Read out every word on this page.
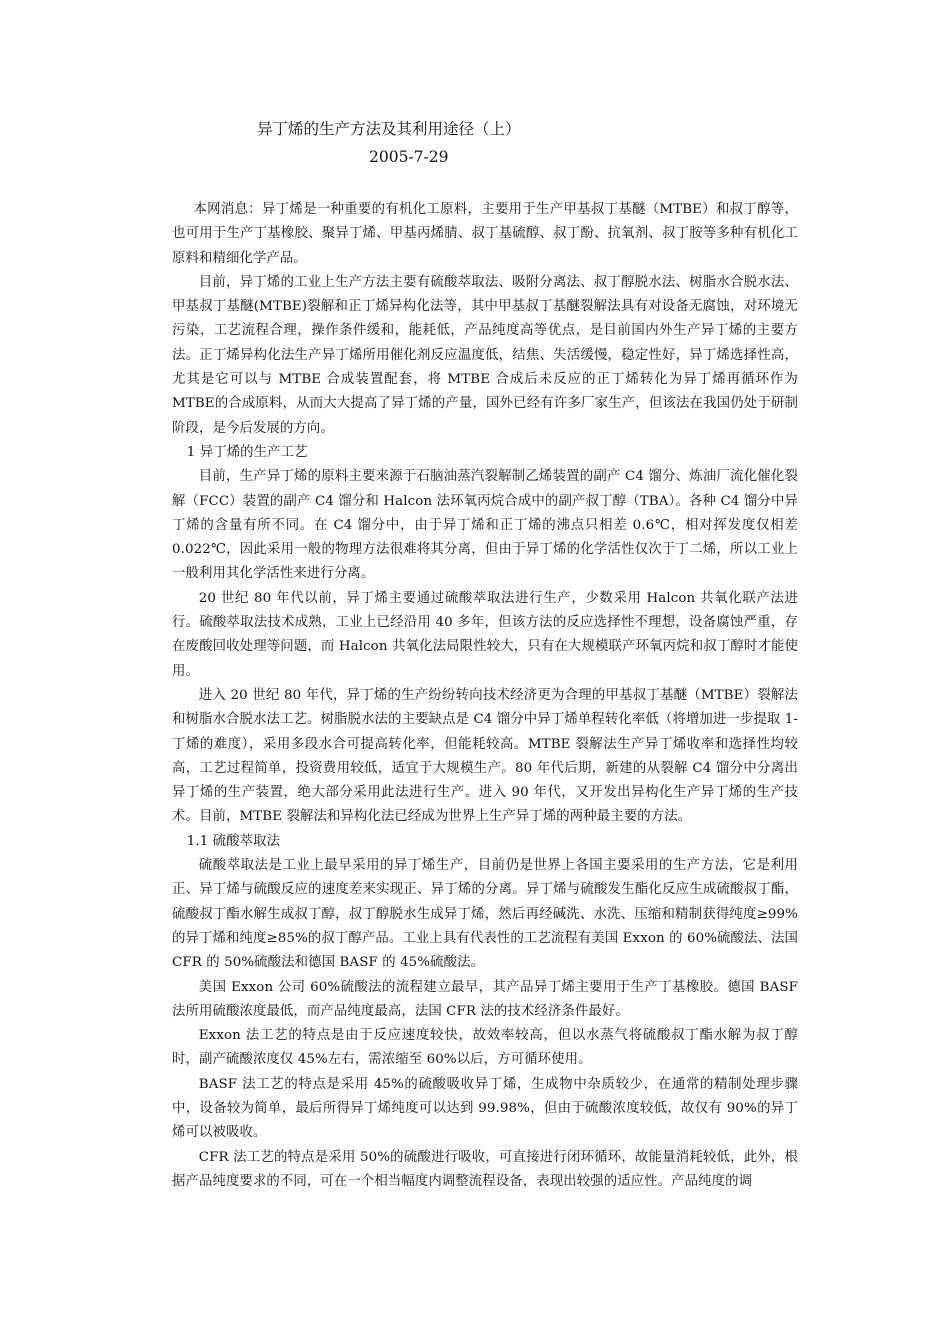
异丁烯的生产方法及其利用途径（上）
2005-7-29

本网消息：异丁烯是一种重要的有机化工原料，主要用于生产甲基叔丁基醚（MTBE）和叔丁醇等，也可用于生产丁基橡胶、聚异丁烯、甲基丙烯腈、叔丁基硫醇、叔丁酚、抗氧剂、叔丁胺等多种有机化工原料和精细化学产品。

目前，异丁烯的工业上生产方法主要有硫酸萃取法、吸附分离法、叔丁醇脱水法、树脂水合脱水法、甲基叔丁基醚(MTBE)裂解和正丁烯异构化法等，其中甲基叔丁基醚裂解法具有对设备无腐蚀，对环境无污染，工艺流程合理，操作条件缓和，能耗低，产品纯度高等优点，是目前国内外生产异丁烯的主要方法。正丁烯异构化法生产异丁烯所用催化剂反应温度低，结焦、失活缓慢，稳定性好，异丁烯选择性高，尤其是它可以与 MTBE 合成装置配套，将 MTBE 合成后未反应的正丁烯转化为异丁烯再循环作为MTBE的合成原料，从而大大提高了异丁烯的产量，国外已经有许多厂家生产，但该法在我国仍处于研制阶段，是今后发展的方向。

1 异丁烯的生产工艺

目前，生产异丁烯的原料主要来源于石脑油蒸汽裂解制乙烯装置的副产 C4 馏分、炼油厂流化催化裂解（FCC）装置的副产 C4 馏分和 Halcon 法环氧丙烷合成中的副产叔丁醇（TBA）。各种 C4 馏分中异丁烯的含量有所不同。在 C4 馏分中，由于异丁烯和正丁烯的沸点只相差 0.6℃，相对挥发度仅相差0.022℃，因此采用一般的物理方法很难将其分离，但由于异丁烯的化学活性仅次于丁二烯，所以工业上一般利用其化学活性来进行分离。

20 世纪 80 年代以前，异丁烯主要通过硫酸萃取法进行生产，少数采用 Halcon 共氧化联产法进行。硫酸萃取法技术成熟，工业上已经沿用 40 多年，但该方法的反应选择性不理想，设备腐蚀严重，存在废酸回收处理等问题，而 Halcon 共氧化法局限性较大，只有在大规模联产环氧丙烷和叔丁醇时才能使用。

进入 20 世纪 80 年代，异丁烯的生产纷纷转向技术经济更为合理的甲基叔丁基醚（MTBE）裂解法和树脂水合脱水法工艺。树脂脱水法的主要缺点是 C4 馏分中异丁烯单程转化率低（将增加进一步提取 1-丁烯的难度），采用多段水合可提高转化率，但能耗较高。MTBE 裂解法生产异丁烯收率和选择性均较高，工艺过程简单，投资费用较低，适宜于大规模生产。80 年代后期，新建的从裂解 C4 馏分中分离出异丁烯的生产装置，绝大部分采用此法进行生产。进入 90 年代，又开发出异构化生产异丁烯的生产技术。目前，MTBE 裂解法和异构化法已经成为世界上生产异丁烯的两种最主要的方法。

1.1 硫酸萃取法

硫酸萃取法是工业上最早采用的异丁烯生产，目前仍是世界上各国主要采用的生产方法，它是利用正、异丁烯与硫酸反应的速度差来实现正、异丁烯的分离。异丁烯与硫酸发生酯化反应生成硫酸叔丁酯，硫酸叔丁酯水解生成叔丁醇，叔丁醇脱水生成异丁烯，然后再经碱洗、水洗、压缩和精制获得纯度≥99%的异丁烯和纯度≥85%的叔丁醇产品。工业上具有代表性的工艺流程有美国 Exxon 的 60%硫酸法、法国 CFR 的 50%硫酸法和德国 BASF 的 45%硫酸法。

美国 Exxon 公司 60%硫酸法的流程建立最早，其产品异丁烯主要用于生产丁基橡胶。德国 BASF 法所用硫酸浓度最低，而产品纯度最高，法国 CFR 法的技术经济条件最好。

Exxon 法工艺的特点是由于反应速度较快，故效率较高，但以水蒸气将硫酸叔丁酯水解为叔丁醇时，副产硫酸浓度仅 45%左右，需浓缩至 60%以后，方可循环使用。

BASF 法工艺的特点是采用 45%的硫酸吸收异丁烯，生成物中杂质较少，在通常的精制处理步骤中，设备较为简单，最后所得异丁烯纯度可以达到 99.98%，但由于硫酸浓度较低，故仅有 90%的异丁烯可以被吸收。

CFR 法工艺的特点是采用 50%的硫酸进行吸收，可直接进行闭环循环，故能量消耗较低，此外，根据产品纯度要求的不同，可在一个相当幅度内调整流程设备，表现出较强的适应性。产品纯度的调
